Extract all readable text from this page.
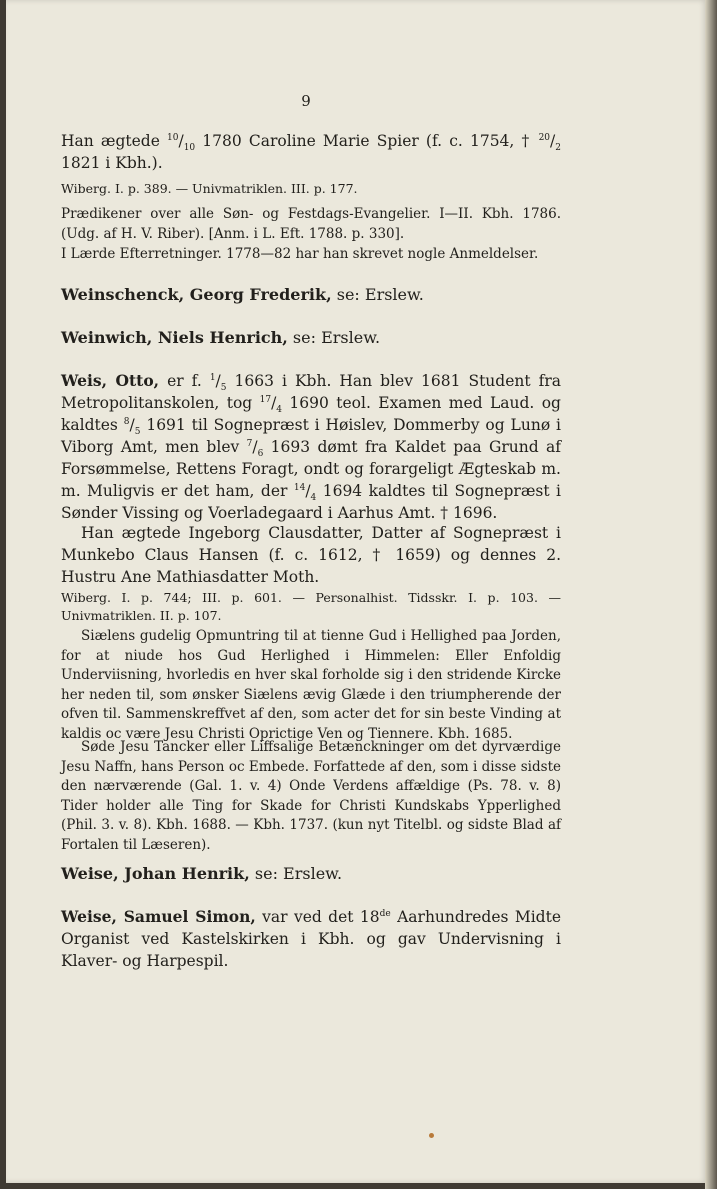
9

Han ægtede $^{10}/_{10}$ 1780 Caroline Marie Spier (f. c. 1754, † $^{20}/_2$ 1821 i Kbh.).

Wiberg. I. p. 389. — Univmatriklen. III. p. 177.

Prædikener over alle Søn- og Festdags-Evangelier. I—II. Kbh. 1786. (Udg. af H. V. Riber). [Anm. i L. Eft. 1788. p. 330].

I Lærde Efterretninger. 1778—82 har han skrevet nogle Anmeldelser.

Weinschenck, Georg Frederik, se: Erslew.

Weinwich, Niels Henrich, se: Erslew.

Weis, Otto, er f. $^1/_5$ 1663 i Kbh. Han blev 1681 Student fra Metropolitanskolen, tog $^{17}/_4$ 1690 teol. Examen med Laud. og kaldtes $^8/_5$ 1691 til Sognepræst i Høislev, Dommerby og Lunø i Viborg Amt, men blev $^7/_6$ 1693 dømt fra Kaldet paa Grund af Forsømmelse, Rettens Foragt, ondt og forargeligt Ægteskab m. m. Muligvis er det ham, der $^{14}/_4$ 1694 kaldtes til Sognepræst i Sønder Vissing og Voerladegaard i Aarhus Amt. † 1696.

Han ægtede Ingeborg Clausdatter, Datter af Sognepræst i Munkebo Claus Hansen (f. c. 1612, † 1659) og dennes 2. Hustru Ane Mathiasdatter Moth.

Wiberg. I. p. 744; III. p. 601. — Personalhist. Tidsskr. I. p. 103. — Univmatriklen. II. p. 107.

Siælens gudelig Opmuntring til at tienne Gud i Hellighed paa Jorden, for at niude hos Gud Herlighed i Himmelen: Eller Enfoldig Underviisning, hvorledis en hver skal forholde sig i den stridende Kircke her neden til, som ønsker Siælens ævig Glæde i den triumpherende der ofven til. Sammenskreffvet af den, som acter det for sin beste Vinding at kaldis oc være Jesu Christi Oprictige Ven og Tiennere. Kbh. 1685.

Søde Jesu Tancker eller Liffsalige Betænckninger om det dyrværdige Jesu Naffn, hans Person oc Embede. Forfattede af den, som i disse sidste den nærværende (Gal. 1. v. 4) Onde Verdens affældige (Ps. 78. v. 8) Tider holder alle Ting for Skade for Christi Kundskabs Ypperlighed (Phil. 3. v. 8). Kbh. 1688. — Kbh. 1737. (kun nyt Titelbl. og sidste Blad af Fortalen til Læseren).

Weise, Johan Henrik, se: Erslew.

Weise, Samuel Simon, var ved det 18de Aarhundredes Midte Organist ved Kastelskirken i Kbh. og gav Undervisning i Klaver- og Harpespil.
